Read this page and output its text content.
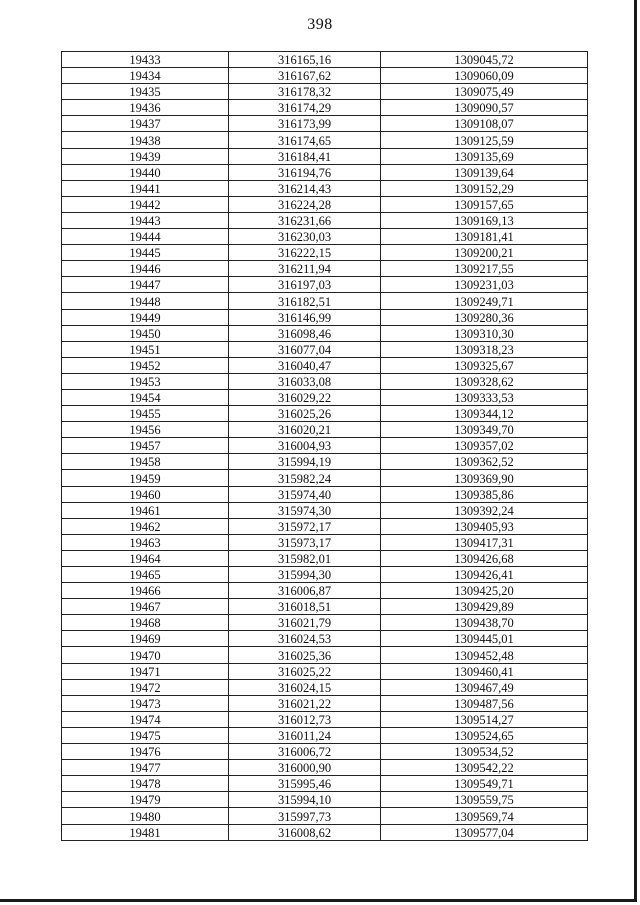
398
19433	316165,16	1309045,72
19434	316167,62	1309060,09
19435	316178,32	1309075,49
19436	316174,29	1309090,57
19437	316173,99	1309108,07
19438	316174,65	1309125,59
19439	316184,41	1309135,69
19440	316194,76	1309139,64
19441	316214,43	1309152,29
19442	316224,28	1309157,65
19443	316231,66	1309169,13
19444	316230,03	1309181,41
19445	316222,15	1309200,21
19446	316211,94	1309217,55
19447	316197,03	1309231,03
19448	316182,51	1309249,71
19449	316146,99	1309280,36
19450	316098,46	1309310,30
19451	316077,04	1309318,23
19452	316040,47	1309325,67
19453	316033,08	1309328,62
19454	316029,22	1309333,53
19455	316025,26	1309344,12
19456	316020,21	1309349,70
19457	316004,93	1309357,02
19458	315994,19	1309362,52
19459	315982,24	1309369,90
19460	315974,40	1309385,86
19461	315974,30	1309392,24
19462	315972,17	1309405,93
19463	315973,17	1309417,31
19464	315982,01	1309426,68
19465	315994,30	1309426,41
19466	316006,87	1309425,20
19467	316018,51	1309429,89
19468	316021,79	1309438,70
19469	316024,53	1309445,01
19470	316025,36	1309452,48
19471	316025,22	1309460,41
19472	316024,15	1309467,49
19473	316021,22	1309487,56
19474	316012,73	1309514,27
19475	316011,24	1309524,65
19476	316006,72	1309534,52
19477	316000,90	1309542,22
19478	315995,46	1309549,71
19479	315994,10	1309559,75
19480	315997,73	1309569,74
19481	316008,62	1309577,04
